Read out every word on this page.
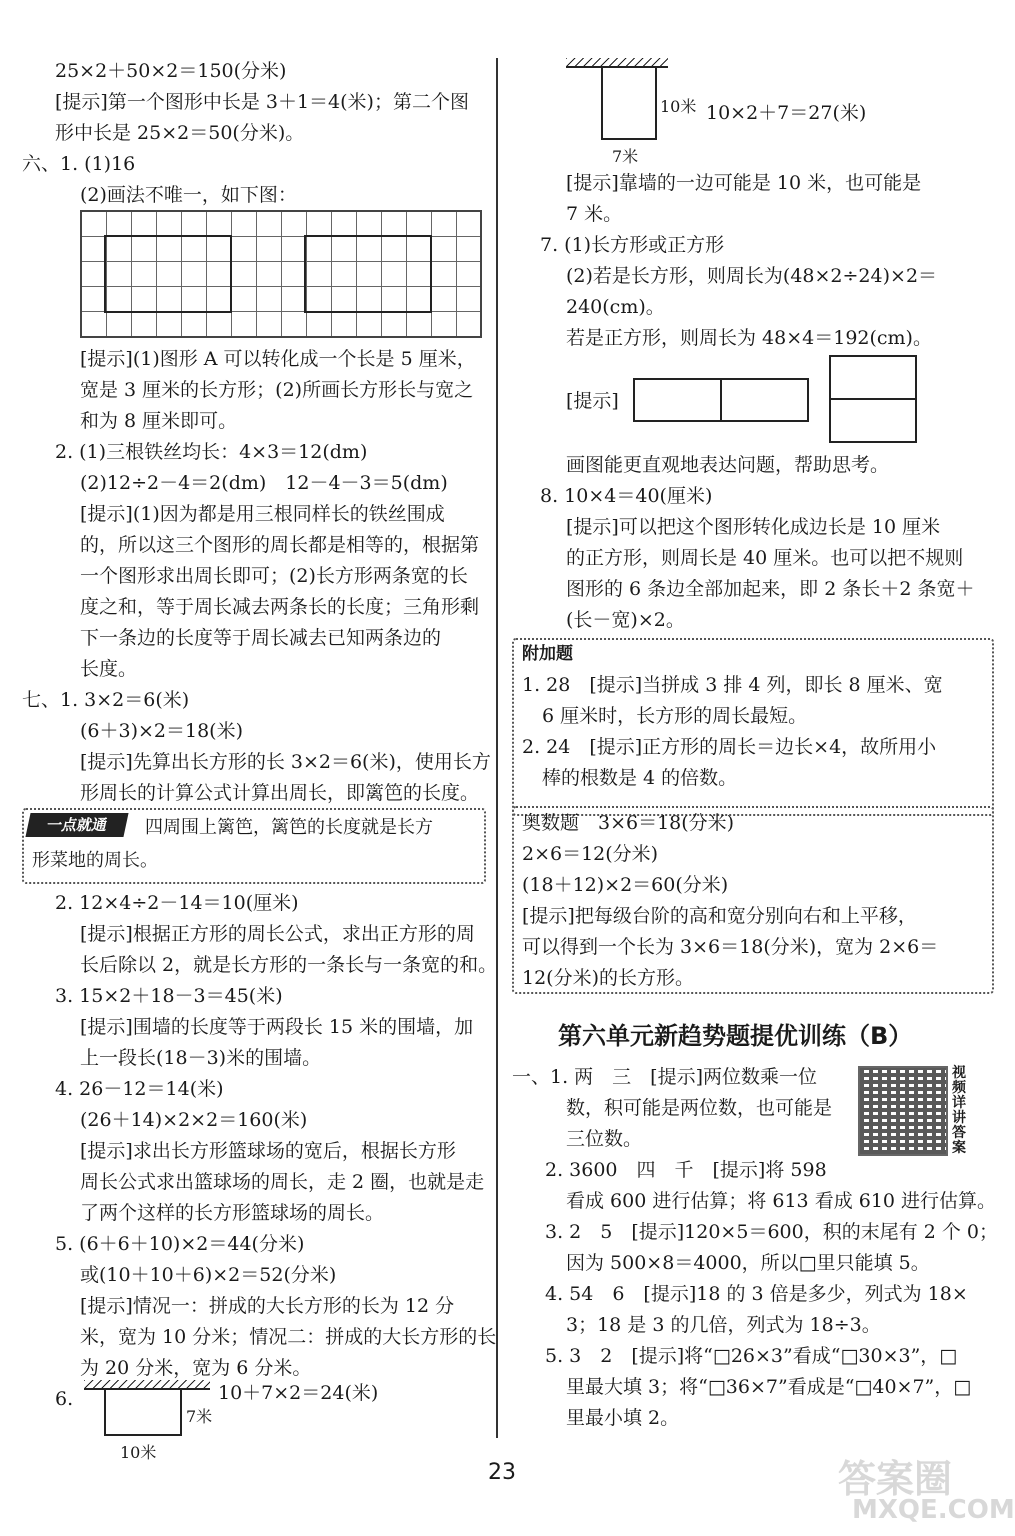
25×2＋50×2＝150(分米)
[提示]第一个图形中长是 3＋1＝4(米)；第二个图
形中长是 25×2＝50(分米)。
六、1. (1)16
(2)画法不唯一，如下图：
[提示](1)图形 A 可以转化成一个长是 5 厘米，
宽是 3 厘米的长方形；(2)所画长方形长与宽之
和为 8 厘米即可。
2. (1)三根铁丝均长：4×3＝12(dm)
(2)12÷2－4＝2(dm)　12－4－3＝5(dm)
[提示](1)因为都是用三根同样长的铁丝围成
的，所以这三个图形的周长都是相等的，根据第
一个图形求出周长即可；(2)长方形两条宽的长
度之和，等于周长减去两条长的长度；三角形剩
下一条边的长度等于周长减去已知两条边的
长度。
七、1. 3×2＝6(米)
(6＋3)×2＝18(米)
[提示]先算出长方形的长 3×2＝6(米)，使用长方
形周长的计算公式计算出周长，即篱笆的长度。
一点就通	四周围上篱笆，篱笆的长度就是长方
形菜地的周长。
2. 12×4÷2－14＝10(厘米)
[提示]根据正方形的周长公式，求出正方形的周
长后除以 2，就是长方形的一条长与一条宽的和。
3. 15×2＋18－3＝45(米)
[提示]围墙的长度等于两段长 15 米的围墙，加
上一段长(18－3)米的围墙。
4. 26－12＝14(米)
(26＋14)×2×2＝160(米)
[提示]求出长方形篮球场的宽后，根据长方形
周长公式求出篮球场的周长，走 2 圈，也就是走
了两个这样的长方形篮球场的周长。
5. (6＋6＋10)×2＝44(分米)
或(10＋10＋6)×2＝52(分米)
[提示]情况一：拼成的大长方形的长为 12 分
米，宽为 10 分米；情况二：拼成的大长方形的长
为 20 分米，宽为 6 分米。
6.	10＋7×2＝24(米)
7米
10米
10米 10×2＋7＝27(米)
7米
[提示]靠墙的一边可能是 10 米，也可能是
7 米。
7. (1)长方形或正方形
(2)若是长方形，则周长为(48×2÷24)×2＝
240(cm)。
若是正方形，则周长为 48×4＝192(cm)。
[提示]
画图能更直观地表达问题，帮助思考。
8. 10×4＝40(厘米)
[提示]可以把这个图形转化成边长是 10 厘米
的正方形，则周长是 40 厘米。也可以把不规则
图形的 6 条边全部加起来，即 2 条长＋2 条宽＋
(长－宽)×2。
附加题
1. 28　[提示]当拼成 3 排 4 列，即长 8 厘米、宽
6 厘米时，长方形的周长最短。
2. 24　[提示]正方形的周长＝边长×4，故所用小
棒的根数是 4 的倍数。
奥数题　3×6＝18(分米)
2×6＝12(分米)
(18＋12)×2＝60(分米)
[提示]把每级台阶的高和宽分别向右和上平移，
可以得到一个长为 3×6＝18(分米)，宽为 2×6＝
12(分米)的长方形。
第六单元新趋势题提优训练（B）
一、1. 两　三　[提示]两位数乘一位
数，积可能是两位数，也可能是
三位数。
视频详讲答案
2. 3600　四　千　[提示]将 598
看成 600 进行估算；将 613 看成 610 进行估算。
3. 2　5　[提示]120×5＝600，积的末尾有 2 个 0；
因为 500×8＝4000，所以□里只能填 5。
4. 54　6　[提示]18 的 3 倍是多少，列式为 18×
3；18 是 3 的几倍，列式为 18÷3。
5. 3　2　[提示]将“□26×3”看成“□30×3”，□
里最大填 3；将“□36×7”看成是“□40×7”，□
里最小填 2。
23	答案圈
MXQE.COM
